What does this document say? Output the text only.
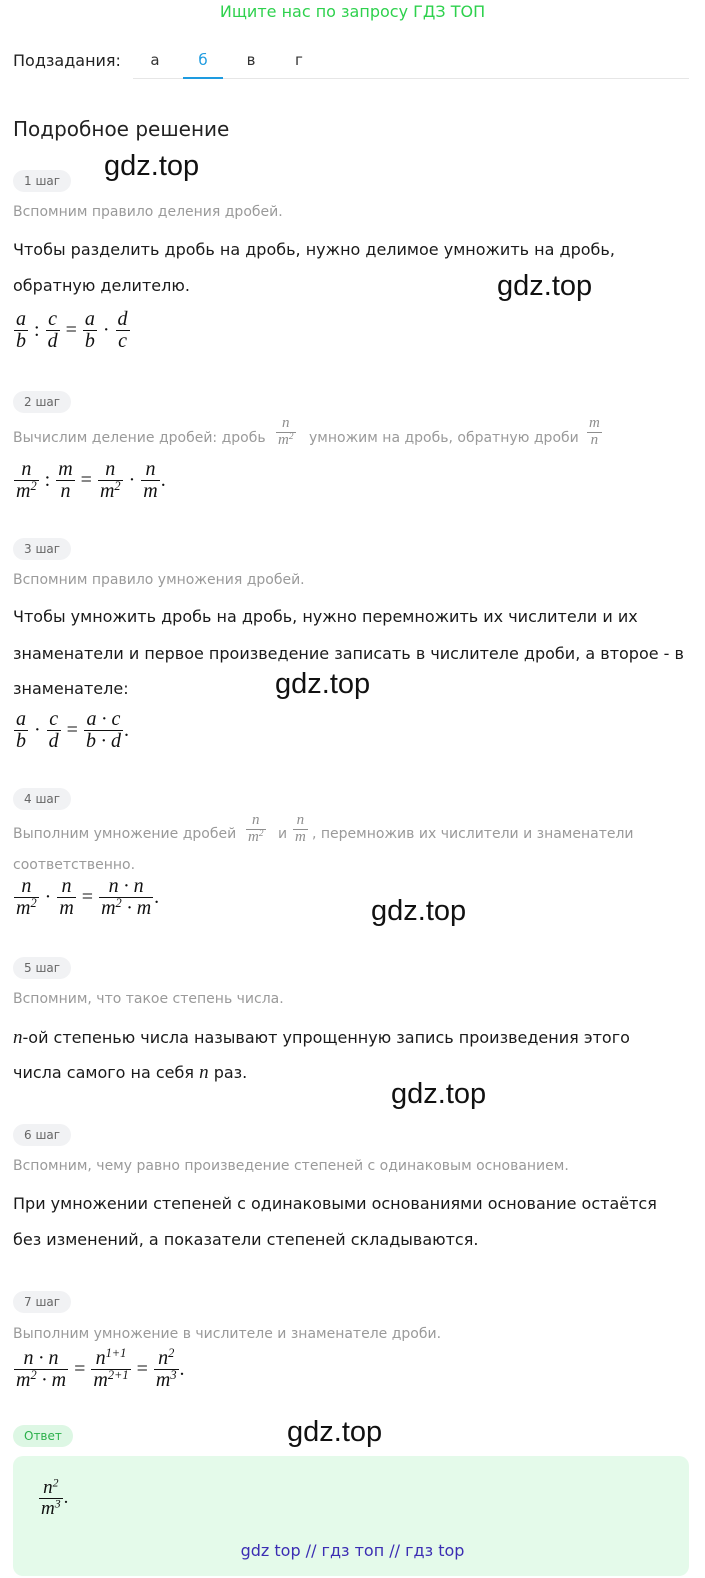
Ищите нас по запросу ГДЗ ТОП
Подзадания:	а	б	в	г
Подробное решение
1 шаг	gdz.top
Вспомним правило деления дробей.
Чтобы разделить дробь на дробь, нужно делимое умножить на дробь,
обратную делителю.	gdz.top
$\frac{a}{b}$ : $\frac{c}{d} = \frac{a}{b} \cdot \frac{d}{c}$
2 шаг
Вычислим деление дробей: дробь $\frac{n}{m^2}$ умножим на дробь, обратную дроби $\frac{m}{n}$
$\frac{n}{m^2}$ : $\frac{m}{n} = \frac{n}{m^2} \cdot \frac{n}{m}$ .
3 шаг
Вспомним правило умножения дробей.
Чтобы умножить дробь на дробь, нужно перемножить их числители и их
знаменатели и первое произведение записать в числителе дроби, а второе - в
знаменателе:	gdz.top
$\frac{a}{b} \cdot \frac{c}{d} = \frac{a \cdot c}{b \cdot d}$ .
4 шаг
Выполним умножение дробей $\frac{n}{m^2}$ и $\frac{n}{m}$ , перемножив их числители и знаменатели
соответственно.
$\frac{n}{m^2} \cdot \frac{n}{m} = \frac{n \cdot n}{m^2 \cdot m}$ .	gdz.top
5 шаг
Вспомним, что такое степень числа.
n-ой степенью числа называют упрощенную запись произведения этого
числа самого на себя n раз.
gdz.top
6 шаг
Вспомним, чему равно произведение степеней с одинаковым основанием.
При умножении степеней с одинаковыми основаниями основание остаётся
без изменений, а показатели степеней складываются.
7 шаг
Выполним умножение в числителе и знаменателе дроби.
$\frac{n \cdot n}{m^2 \cdot m} = \frac{n^{1+1}}{m^{2+1}} = \frac{n^2}{m^3}$ .
Ответ	gdz.top
$\frac{n^2}{m^3}$ .
gdz top // гдз топ // гдз top
